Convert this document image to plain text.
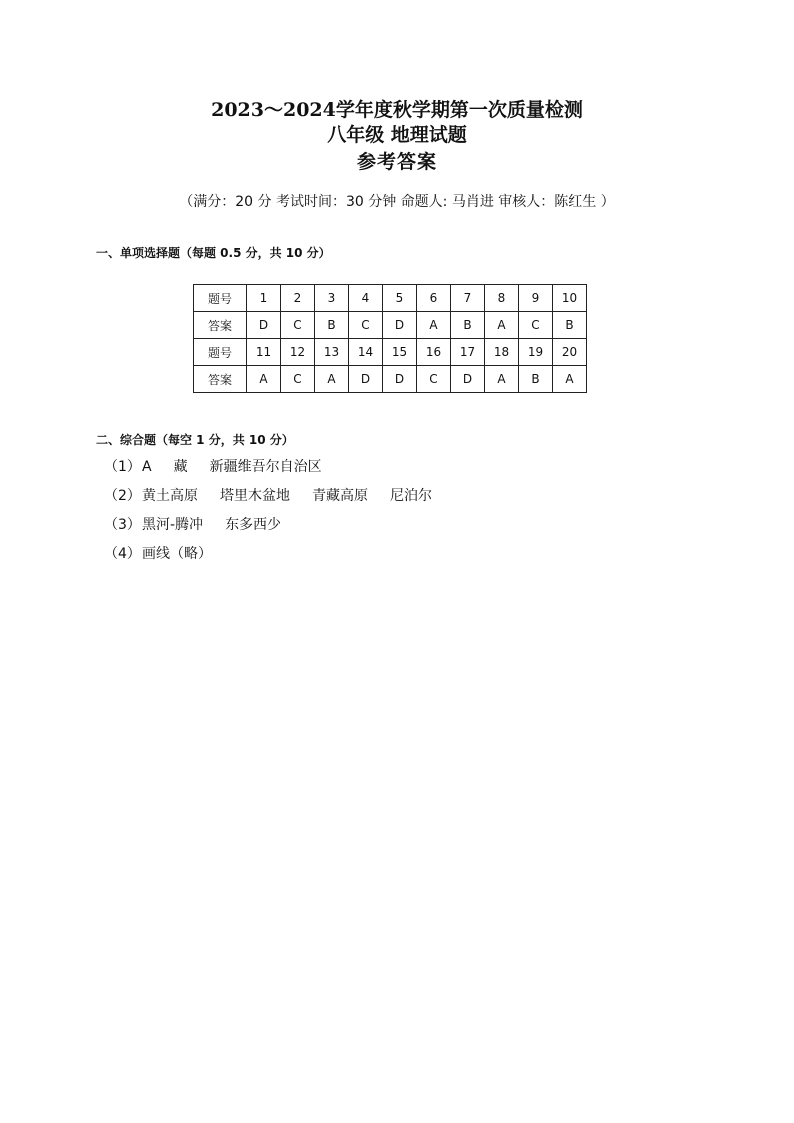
2023～2024学年度秋学期第一次质量检测

八年级 地理试题

参考答案

（满分：20 分 考试时间：30 分钟 命题人: 马肖进 审核人：陈红生 ）
一、单项选择题（每题 0.5 分，共 10 分）
题号	1	2	3	4	5	6	7	8	9	10
答案	D	C	B	C	D	A	B	A	C	B
题号	11	12	13	14	15	16	17	18	19	20
答案	A	C	A	D	D	C	D	A	B	A
二、综合题（每空 1 分，共 10 分）
（1）A 藏 新疆维吾尔自治区
（2）黄土高原 塔里木盆地 青藏高原 尼泊尔
（3）黑河-腾冲 东多西少
（4）画线（略）
